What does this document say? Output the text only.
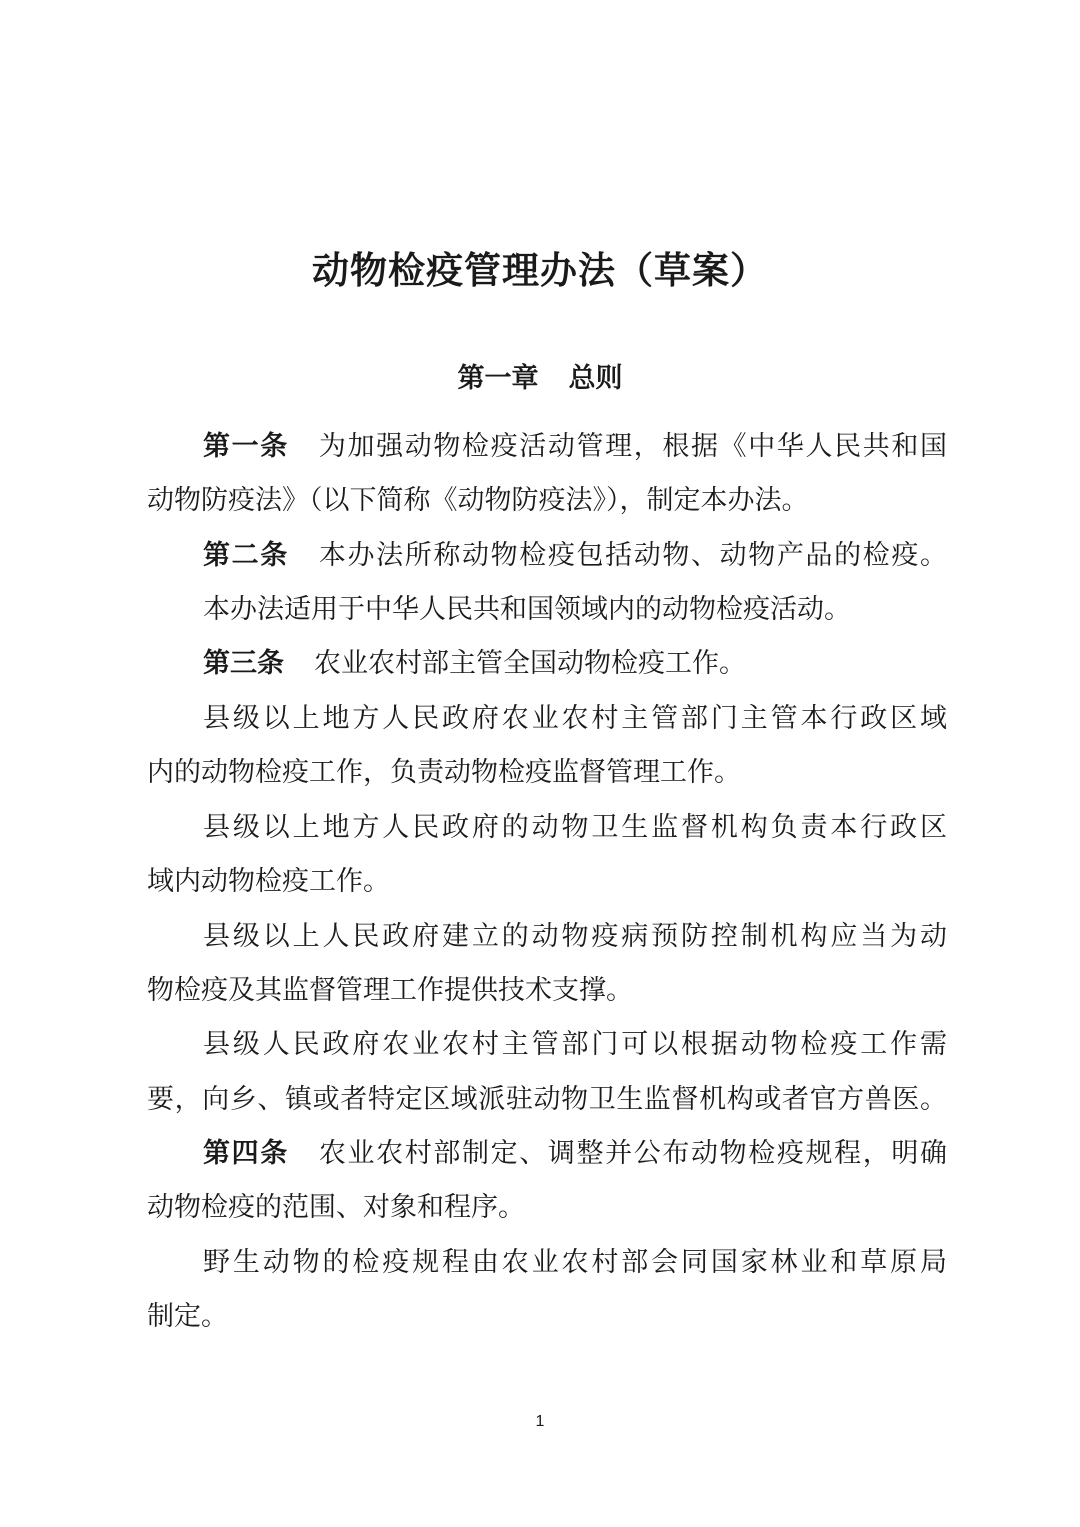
动物检疫管理办法（草案）
第一章 总则
第一条 为加强动物检疫活动管理，根据《中华人民共和国
动物防疫法》（以下简称《动物防疫法》），制定本办法。
第二条 本办法所称动物检疫包括动物、动物产品的检疫。
本办法适用于中华人民共和国领域内的动物检疫活动。
第三条 农业农村部主管全国动物检疫工作。
县级以上地方人民政府农业农村主管部门主管本行政区域
内的动物检疫工作，负责动物检疫监督管理工作。
县级以上地方人民政府的动物卫生监督机构负责本行政区
域内动物检疫工作。
县级以上人民政府建立的动物疫病预防控制机构应当为动
物检疫及其监督管理工作提供技术支撑。
县级人民政府农业农村主管部门可以根据动物检疫工作需
要，向乡、镇或者特定区域派驻动物卫生监督机构或者官方兽医。
第四条 农业农村部制定、调整并公布动物检疫规程，明确
动物检疫的范围、对象和程序。
野生动物的检疫规程由农业农村部会同国家林业和草原局
制定。
1
